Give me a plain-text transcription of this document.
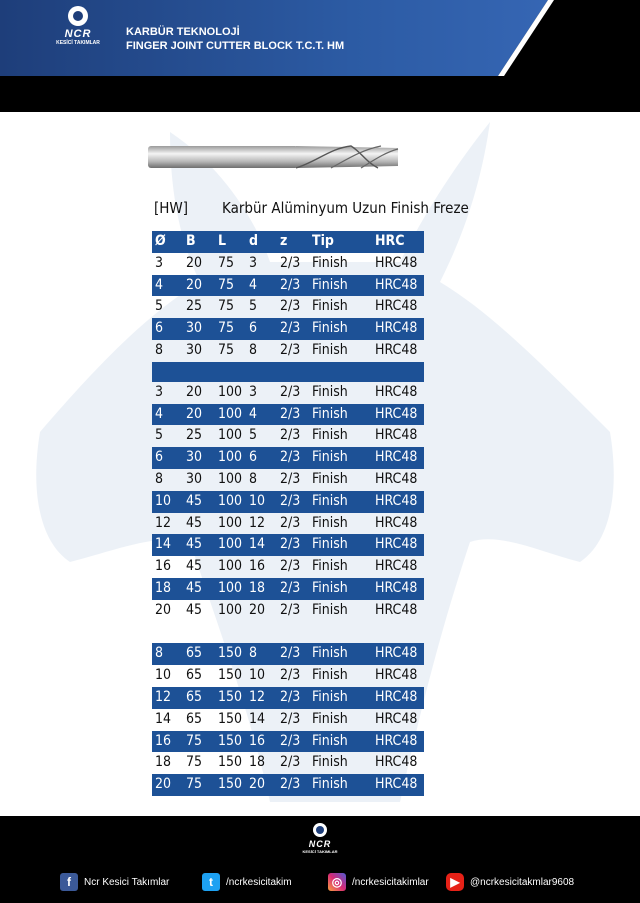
NCR
KESİCİ TAKIMLAR
KARBÜR TEKNOLOJİ
FINGER JOINT CUTTER BLOCK T.C.T. HM
[HW] Karbür Alüminyum Uzun Finish Freze
Ø B L d z Tip	HRC
3 20 75 3 2/3 Finish HRC48
4 20 75 4 2/3 Finish HRC48
5 25 75 5 2/3 Finish HRC48
6 30 75 6 2/3 Finish HRC48
8 30 75 8 2/3 Finish HRC48
3 20 100 3 2/3 Finish HRC48
4 20 100 4 2/3 Finish HRC48
5 25 100 5 2/3 Finish HRC48
6 30 100 6 2/3 Finish HRC48
8 30 100 8 2/3 Finish HRC48
10 45 100 10 2/3 Finish HRC48
12 45 100 12 2/3 Finish HRC48
14 45 100 14 2/3 Finish HRC48
16 45 100 16 2/3 Finish HRC48
18 45 100 18 2/3 Finish HRC48
20 45 100 20 2/3 Finish HRC48
8 65 150 8 2/3 Finish HRC48
10 65 150 10 2/3 Finish HRC48
12 65 150 12 2/3 Finish HRC48
14 65 150 14 2/3 Finish HRC48
16 75 150 16 2/3 Finish HRC48
18 75 150 18 2/3 Finish HRC48
20 75 150 20 2/3 Finish HRC48
NCR
KESİCİ TAKIMLAR
f	Ncr Kesici Takımlar	t	/ncrkesicitakim	◎ /ncrkesicitakimlar	▶	@ncrkesicitakmlar9608
